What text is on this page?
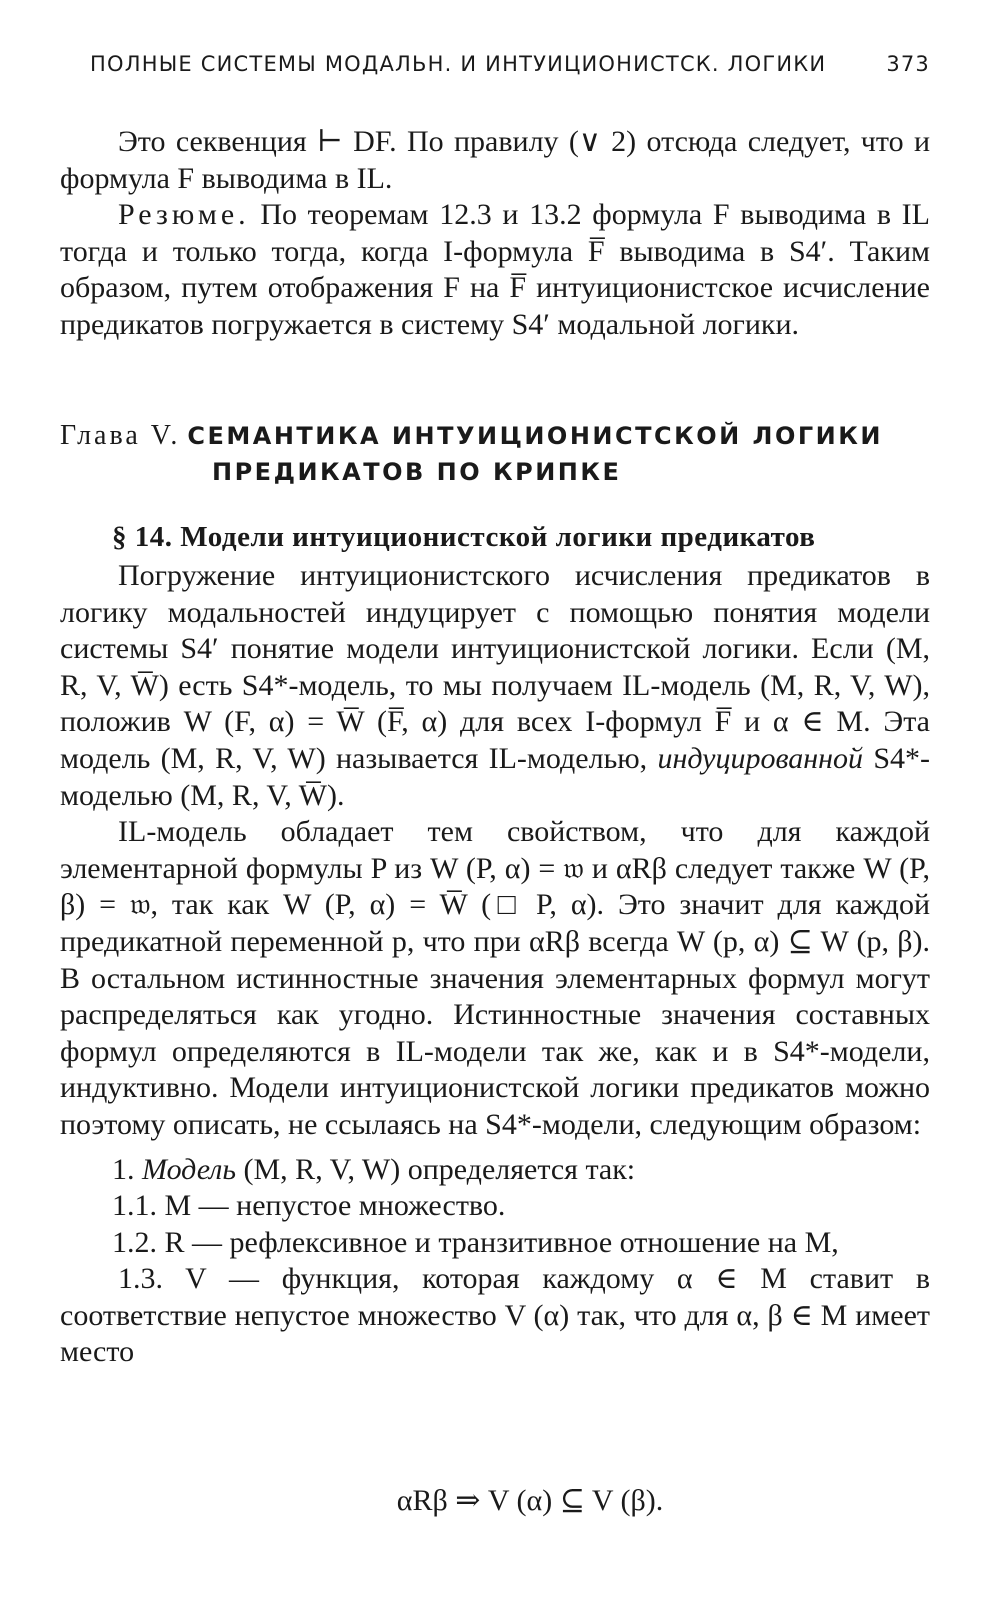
ПОЛНЫЕ СИСТЕМЫ МОДАЛЬН. И ИНТУИЦИОНИСТСК. ЛОГИКИ	373

Это секвенция ⊢ DF. По правилу (∨ 2) отсюда следует, что и формула F выводима в IL.

Резюме. По теоремам 12.3 и 13.2 формула F выводима в IL тогда и только тогда, когда I-формула F̅ выводима в S4′. Таким образом, путем отображения F на F̅ интуиционистское исчисление предикатов погружается в систему S4′ модальной логики.

Глава V. СЕМАНТИКА ИНТУИЦИОНИСТСКОЙ ЛОГИКИ
ПРЕДИКАТОВ ПО КРИПКЕ
§ 14. Модели интуиционистской логики предикатов

Погружение интуиционистского исчисления предикатов в логику модальностей индуцирует с помощью понятия модели системы S4′ понятие модели интуиционистской логики. Если (M, R, V, W̅) есть S4*-модель, то мы получаем IL-модель (M, R, V, W), положив W (F, α) = W̅ (F̅, α) для всех I-формул F̅ и α ∈ M. Эта модель (M, R, V, W) называется IL-моделью, индуцированной S4*-моделью (M, R, V, W̅).

IL-модель обладает тем свойством, что для каждой элементарной формулы P из W (P, α) = 𝔴 и αRβ следует также W (P, β) = 𝔴, так как W (P, α) = W̅ (□ P, α). Это значит для каждой предикатной переменной p, что при αRβ всегда W (p, α) ⊆ W (p, β). В остальном истинностные значения элементарных формул могут распределяться как угодно. Истинностные значения составных формул определяются в IL-модели так же, как и в S4*-модели, индуктивно. Модели интуиционистской логики предикатов можно поэтому описать, не ссылаясь на S4*-модели, следующим образом:

1. Модель (M, R, V, W) определяется так:

1.1. M — непустое множество.

1.2. R — рефлексивное и транзитивное отношение на M,

1.3. V — функция, которая каждому α ∈ M ставит в соответствие непустое множество V (α) так, что для α, β ∈ M имеет место

αRβ ⇒ V (α) ⊆ V (β).
